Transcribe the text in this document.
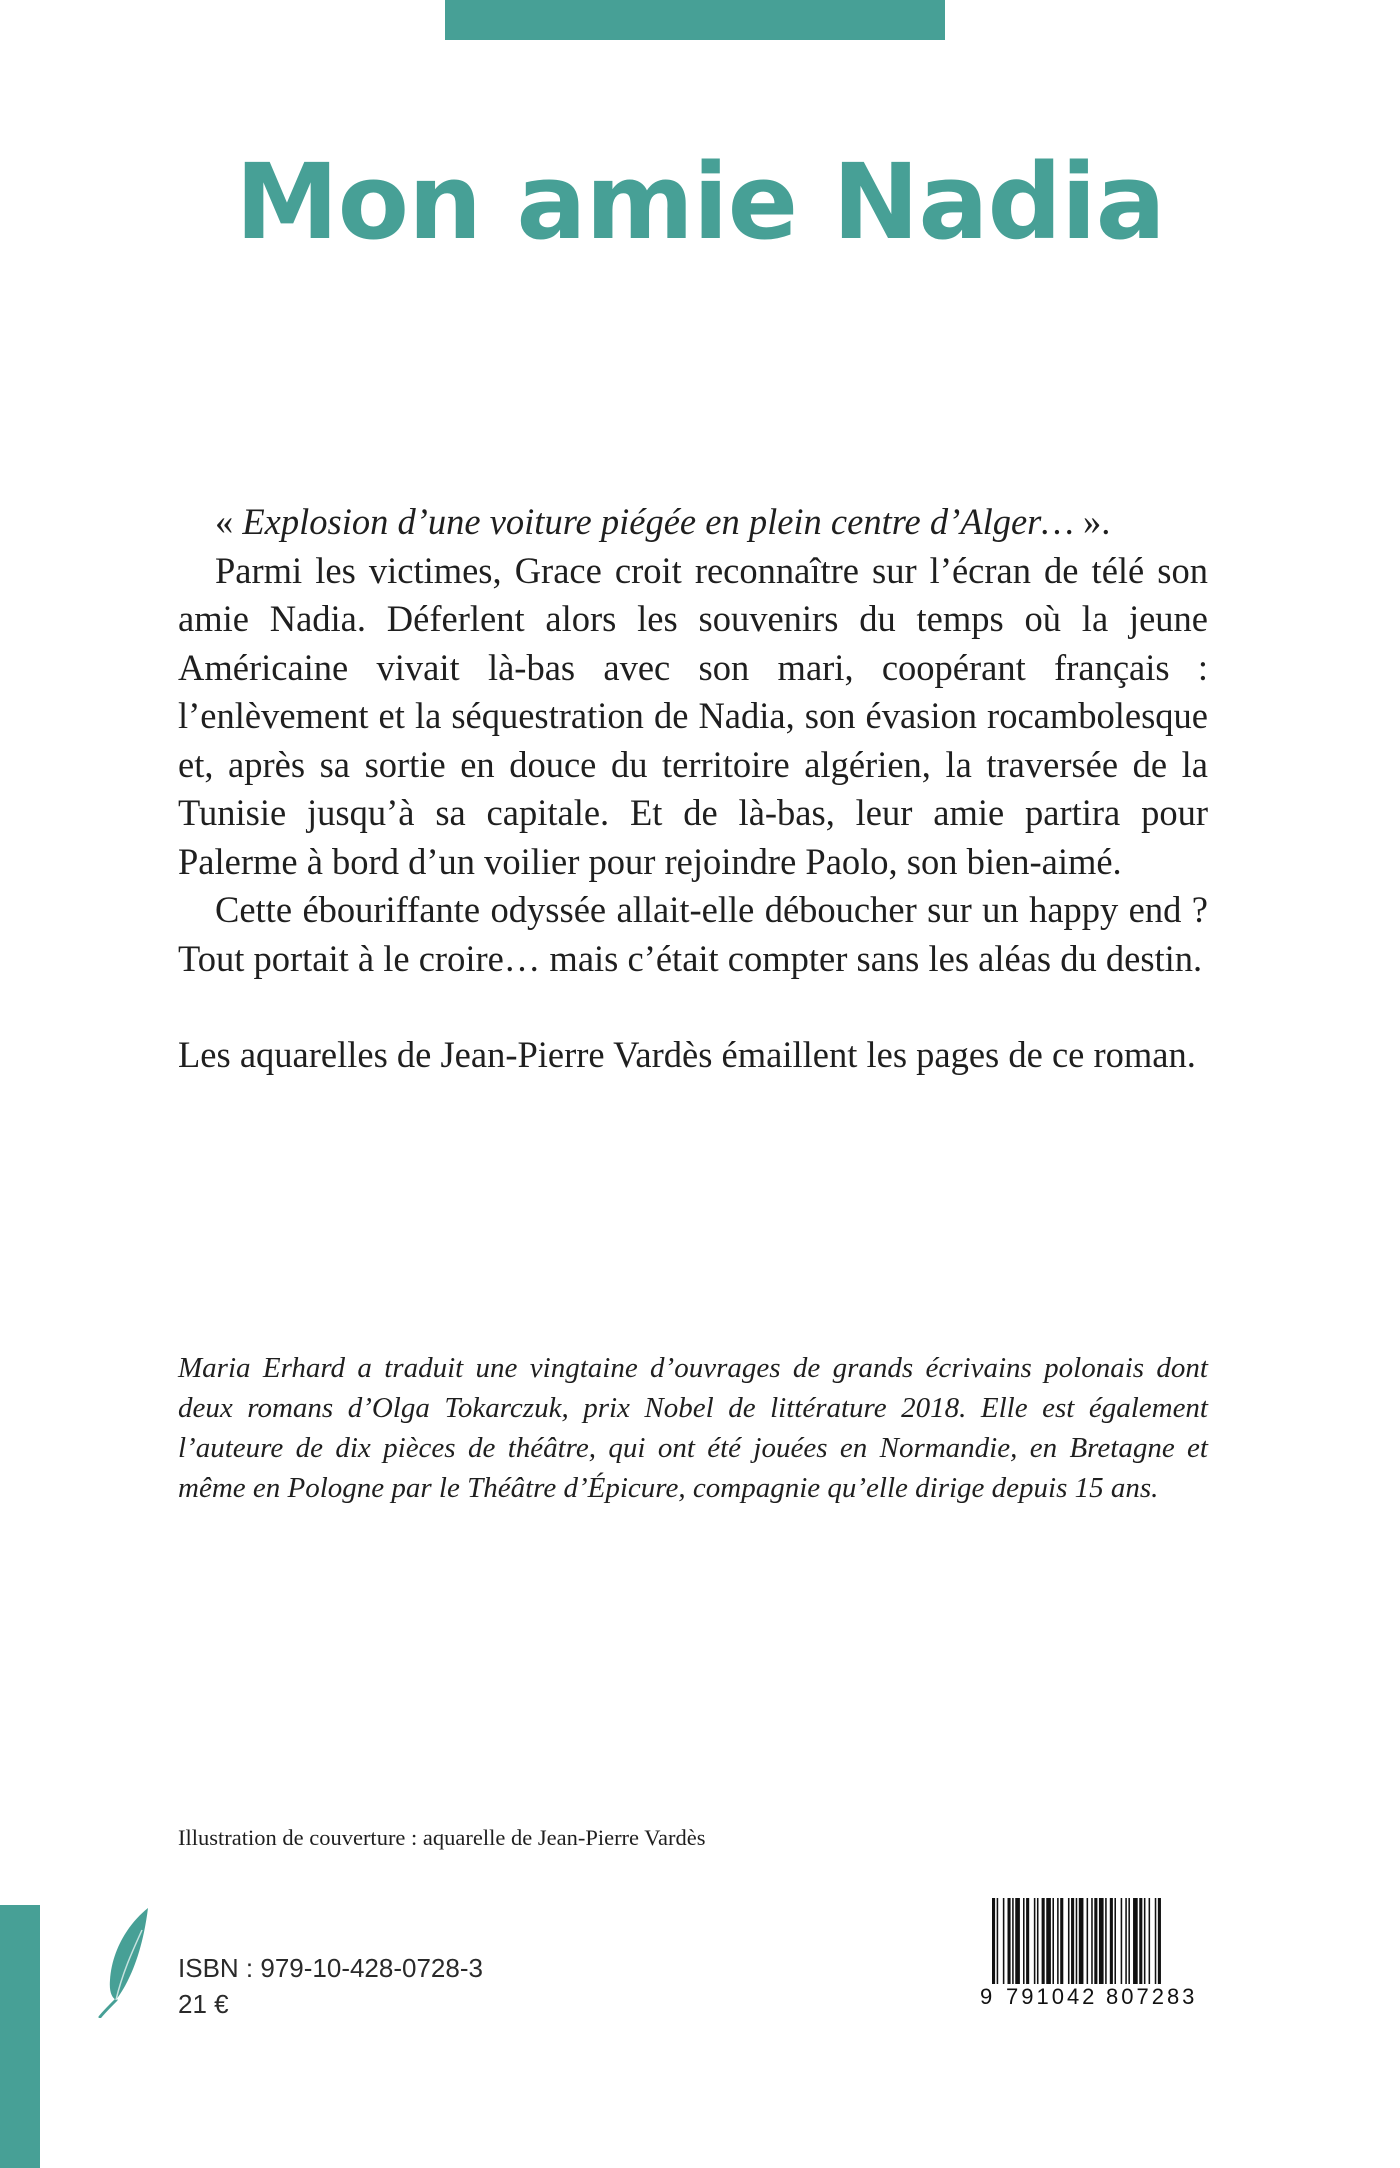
Mon amie Nadia

« Explosion d’une voiture piégée en plein centre d’Alger… ».

Parmi les victimes, Grace croit reconnaître sur l’écran de télé son amie Nadia. Déferlent alors les souvenirs du temps où la jeune Américaine vivait là-bas avec son mari, coopérant français : l’enlèvement et la séquestration de Nadia, son évasion rocambolesque et, après sa sortie en douce du territoire algérien, la traversée de la Tunisie jusqu’à sa capitale. Et de là-bas, leur amie partira pour Palerme à bord d’un voilier pour rejoindre Paolo, son bien-aimé.

Cette ébouriffante odyssée allait-elle déboucher sur un happy end ? Tout portait à le croire… mais c’était compter sans les aléas du destin.

Les aquarelles de Jean-Pierre Vardès émaillent les pages de ce roman.

Maria Erhard a traduit une vingtaine d’ouvrages de grands écrivains polonais dont deux romans d’Olga Tokarczuk, prix Nobel de littérature 2018. Elle est également l’auteure de dix pièces de théâtre, qui ont été jouées en Normandie, en Bretagne et même en Pologne par le Théâtre d’Épicure, compagnie qu’elle dirige depuis 15 ans.

Illustration de couverture : aquarelle de Jean-Pierre Vardès

ISBN : 979-10-428-0728-3
21 €	9 791042 807283
